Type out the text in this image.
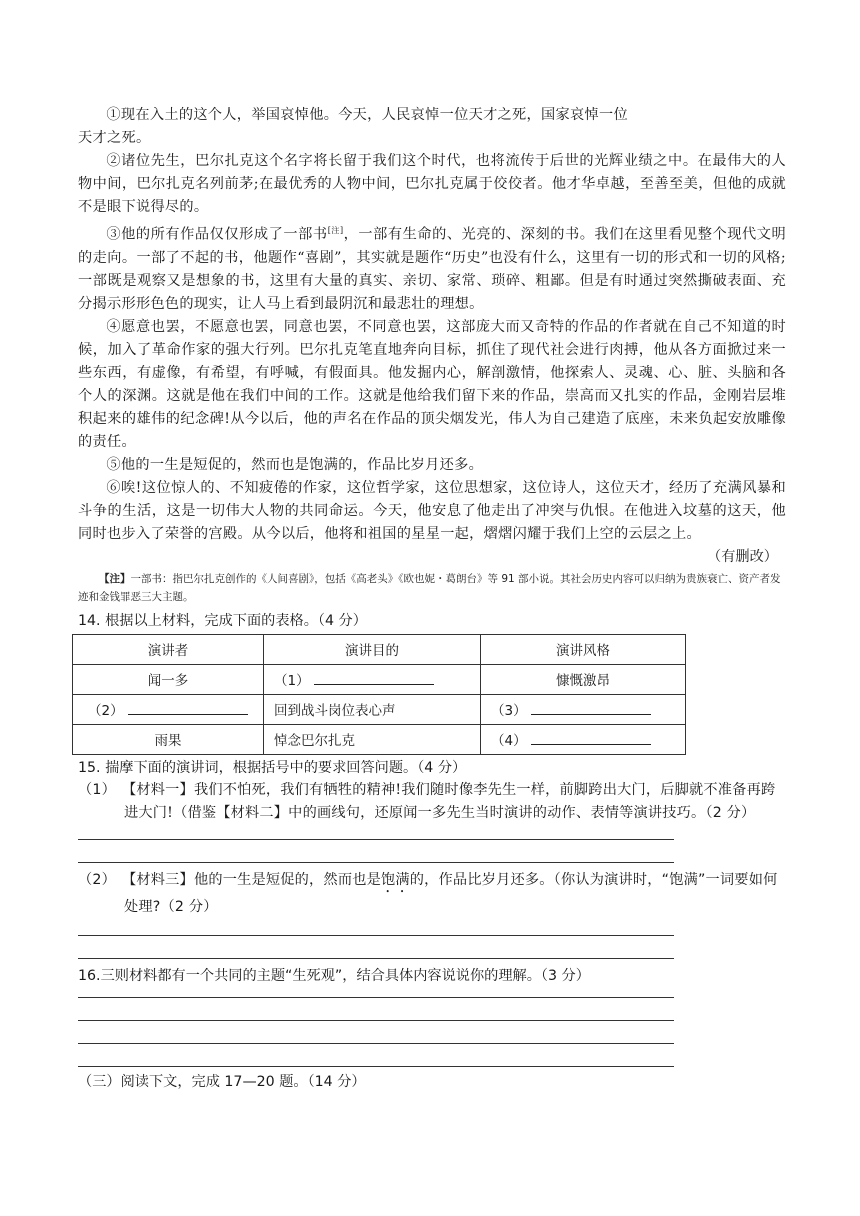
①现在入土的这个人，举国哀悼他。今天，人民哀悼一位天才之死，国家哀悼一位

天才之死。

②诸位先生，巴尔扎克这个名字将长留于我们这个时代，也将流传于后世的光辉业绩之中。在最伟大的人物中间，巴尔扎克名列前茅;在最优秀的人物中间，巴尔扎克属于佼佼者。他才华卓越，至善至美，但他的成就不是眼下说得尽的。

③他的所有作品仅仅形成了一部书[注]，一部有生命的、光亮的、深刻的书。我们在这里看见整个现代文明的走向。一部了不起的书，他题作“喜剧”，其实就是题作“历史”也没有什么，这里有一切的形式和一切的风格;一部既是观察又是想象的书，这里有大量的真实、亲切、家常、琐碎、粗鄙。但是有时通过突然撕破表面、充分揭示形形色色的现实，让人马上看到最阴沉和最悲壮的理想。

④愿意也罢，不愿意也罢，同意也罢，不同意也罢，这部庞大而又奇特的作品的作者就在自己不知道的时候，加入了革命作家的强大行列。巴尔扎克笔直地奔向目标，抓住了现代社会进行肉搏，他从各方面掀过来一些东西，有虚像，有希望，有呼喊，有假面具。他发掘内心，解剖激情，他探索人、灵魂、心、脏、头脑和各个人的深渊。这就是他在我们中间的工作。这就是他给我们留下来的作品，崇高而又扎实的作品，金刚岩层堆积起来的雄伟的纪念碑!从今以后，他的声名在作品的顶尖烟发光，伟人为自己建造了底座，未来负起安放雕像的责任。

⑤他的一生是短促的，然而也是饱满的，作品比岁月还多。

⑥唉!这位惊人的、不知疲倦的作家，这位哲学家，这位思想家，这位诗人，这位天才，经历了充满风暴和斗争的生活，这是一切伟大人物的共同命运。今天，他安息了他走出了冲突与仇恨。在他进入坟墓的这天，他同时也步入了荣誉的宫殿。从今以后，他将和祖国的星星一起，熠熠闪耀于我们上空的云层之上。

（有删改）

【注】一部书：指巴尔扎克创作的《人间喜剧》，包括《高老头》《欧也妮・葛朗台》等 91 部小说。其社会历史内容可以归纳为贵族衰亡、资产者发迹和金钱罪恶三大主题。

14. 根据以上材料，完成下面的表格。（4 分）

演讲者	演讲目的	演讲风格
闻一多	（1）	慷慨激昂
（2）	回到战斗岗位表心声	（3）
雨果	悼念巴尔扎克	（4）

15. 揣摩下面的演讲词，根据括号中的要求回答问题。（4 分）

（1） 【材料一】我们不怕死，我们有牺牲的精神!我们随时像李先生一样，前脚跨出大门，后脚就不准备再跨进大门!（借鉴【材料二】中的画线句，还原闻一多先生当时演讲的动作、表情等演讲技巧。（2 分）

（2） 【材料三】他的一生是短促的，然而也是饱满的，作品比岁月还多。（你认为演讲时，“饱满”一词要如何处理?（2 分）

16.三则材料都有一个共同的主题“生死观”，结合具体内容说说你的理解。（3 分）

（三）阅读下文，完成 17—20 题。（14 分）
